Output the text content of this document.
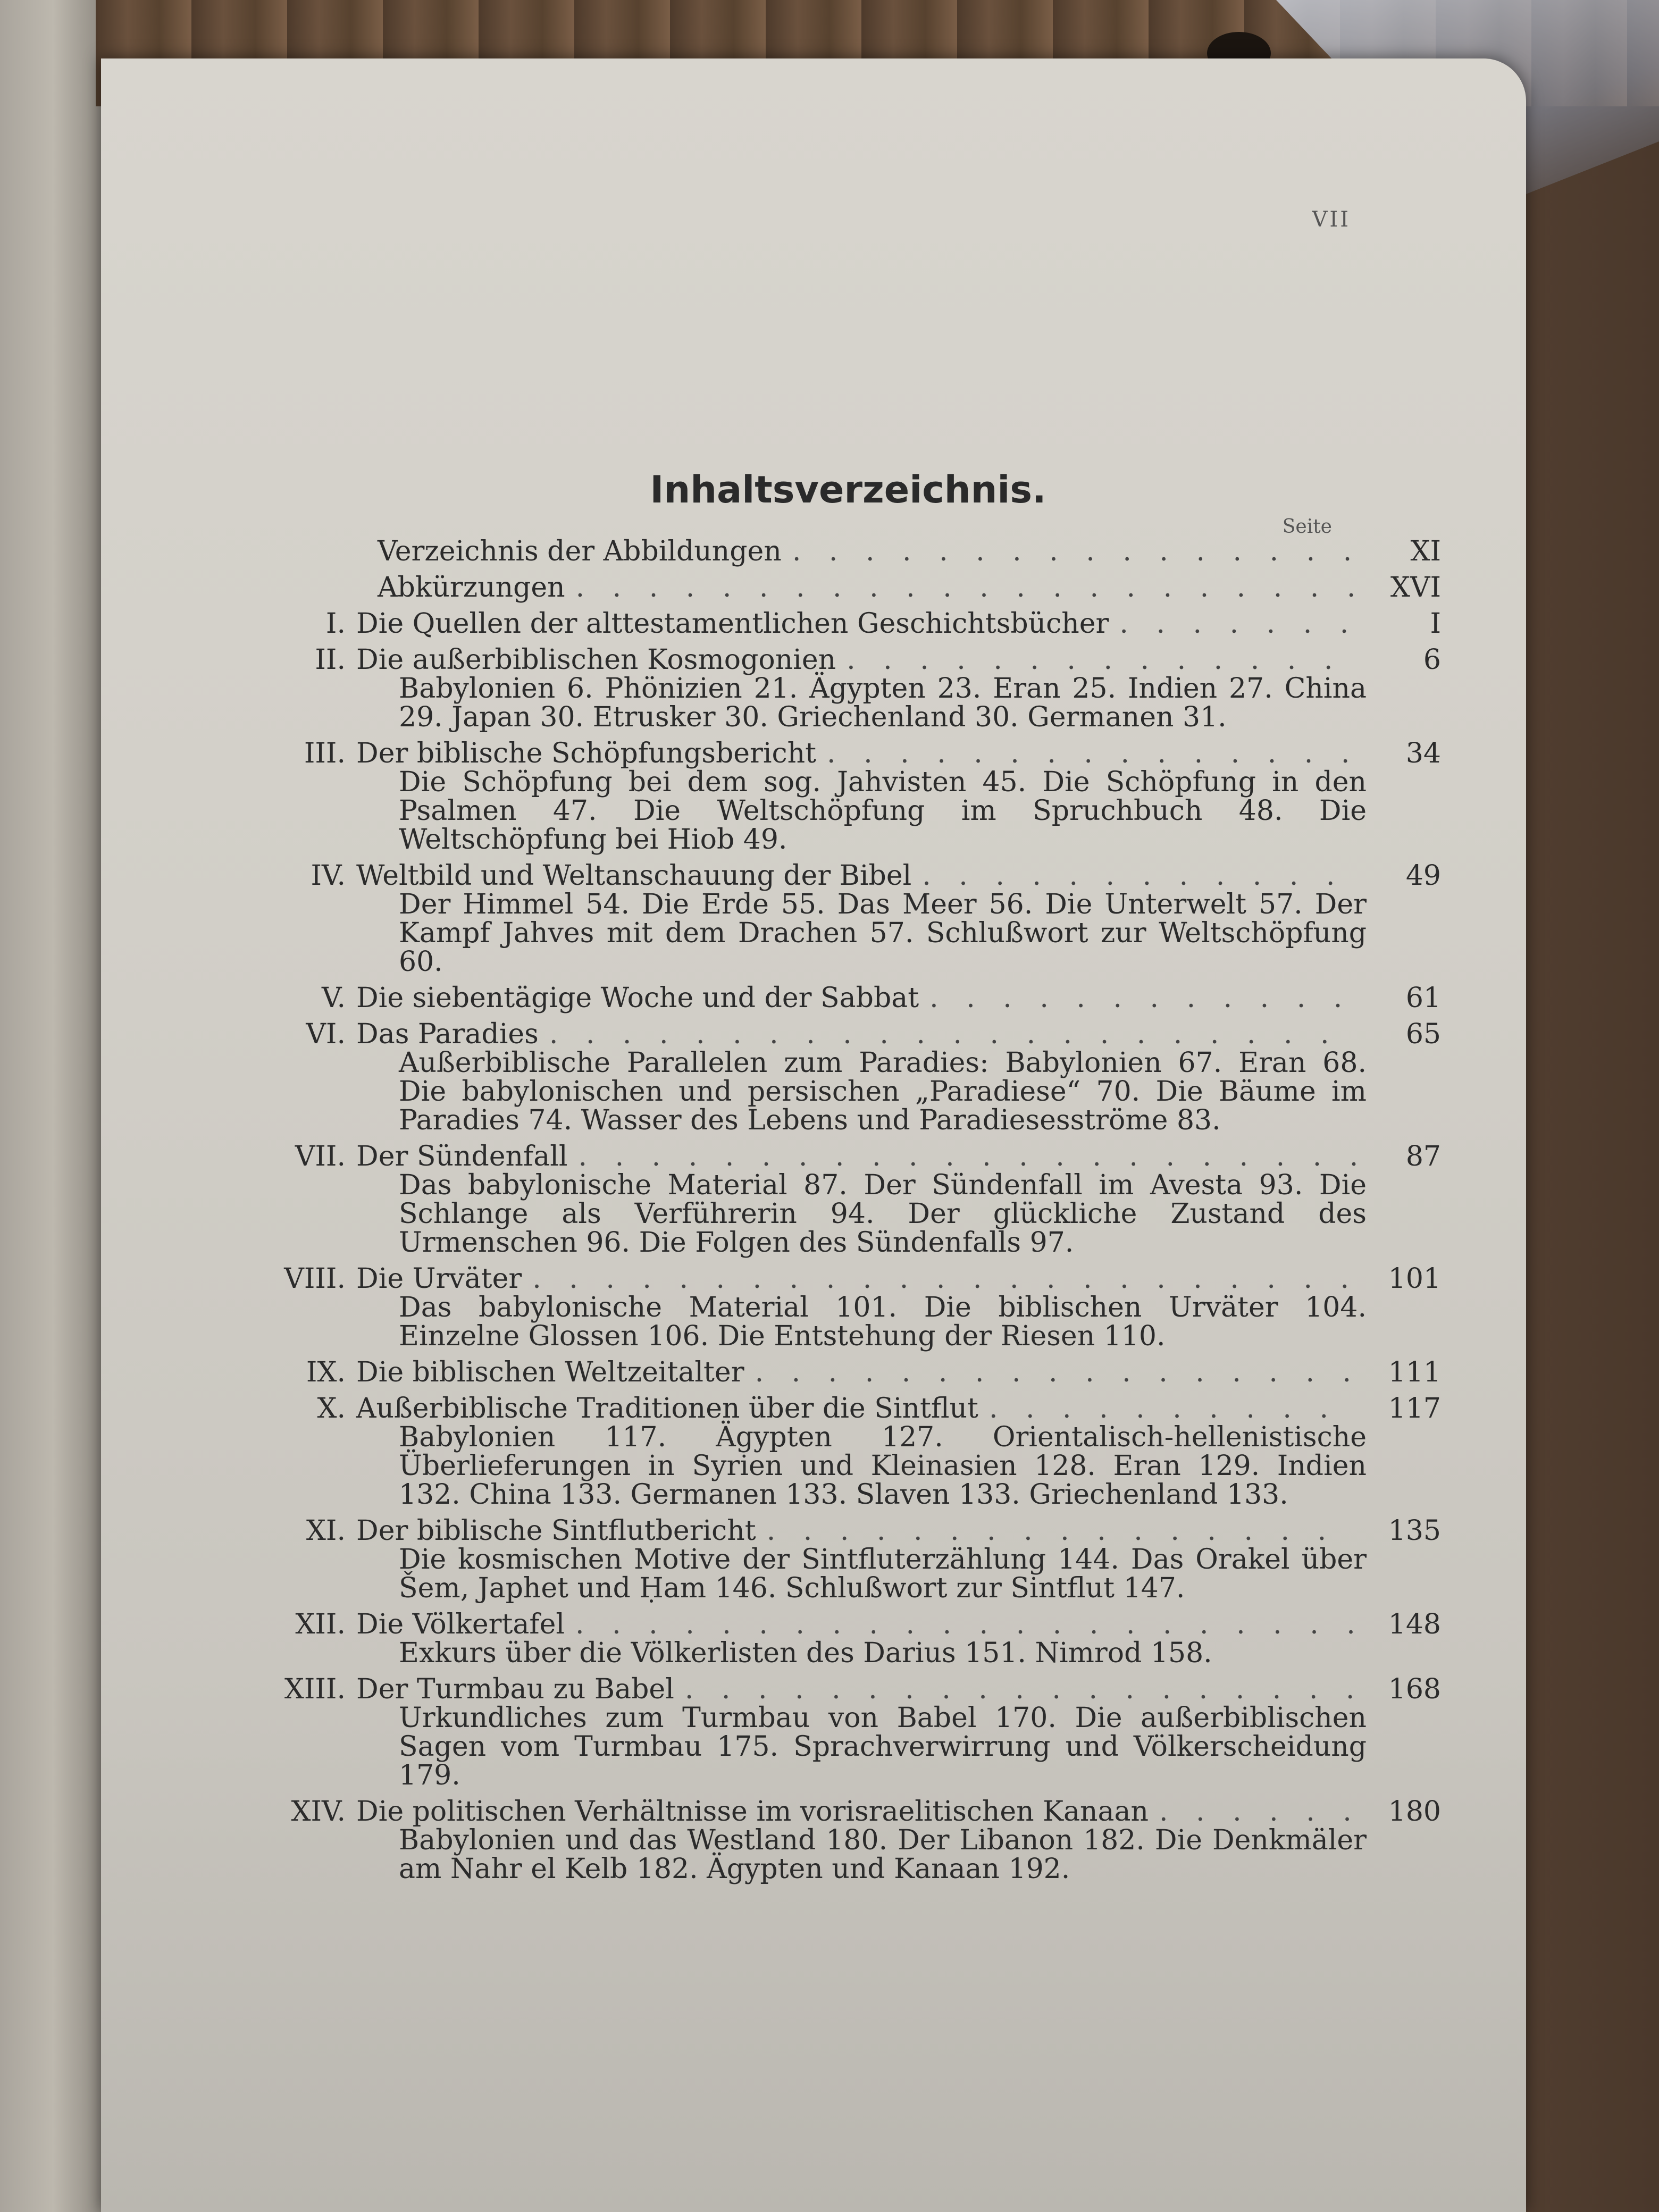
VII
Inhaltsverzeichnis.
Seite
Verzeichnis der Abbildungen . . .	XI
Abkürzungen . . .	XVI
I. Die Quellen der alttestamentlichen Geschichtsbücher . . .	I
II. Die außerbiblischen Kosmogonien . . .	6
Babylonien 6. Phönizien 21. Ägypten 23. Eran 25. Indien 27. China 29. Japan 30. Etrusker 30. Griechenland 30. Germanen 31.
III. Der biblische Schöpfungsbericht . . .	34
Die Schöpfung bei dem sog. Jahvisten 45. Die Schöpfung in den Psalmen 47. Die Weltschöpfung im Spruchbuch 48. Die Weltschöpfung bei Hiob 49.
IV. Weltbild und Weltanschauung der Bibel . . .	49
Der Himmel 54. Die Erde 55. Das Meer 56. Die Unterwelt 57. Der Kampf Jahves mit dem Drachen 57. Schlußwort zur Weltschöpfung 60.
V. Die siebentägige Woche und der Sabbat . . .	61
VI. Das Paradies . . .	65
Außerbiblische Parallelen zum Paradies: Babylonien 67. Eran 68. Die babylonischen und persischen „Paradiese“ 70. Die Bäume im Paradies 74. Wasser des Lebens und Paradiesesströme 83.
VII. Der Sündenfall . . .	87
Das babylonische Material 87. Der Sündenfall im Avesta 93. Die Schlange als Verführerin 94. Der glückliche Zustand des Urmenschen 96. Die Folgen des Sündenfalls 97.
VIII. Die Urväter . . .	101
Das babylonische Material 101. Die biblischen Urväter 104. Einzelne Glossen 106. Die Entstehung der Riesen 110.
IX. Die biblischen Weltzeitalter . . .	111
X. Außerbiblische Traditionen über die Sintflut . . .	117
Babylonien 117. Ägypten 127. Orientalisch-hellenistische Überlieferungen in Syrien und Kleinasien 128. Eran 129. Indien 132. China 133. Germanen 133. Slaven 133. Griechenland 133.
XI. Der biblische Sintflutbericht . . .	135
Die kosmischen Motive der Sintfluterzählung 144. Das Orakel über Šem, Japhet und Ḥam 146. Schlußwort zur Sintflut 147.
XII. Die Völkertafel . . .	148
Exkurs über die Völkerlisten des Darius 151. Nimrod 158.
XIII. Der Turmbau zu Babel . . .	168
Urkundliches zum Turmbau von Babel 170. Die außerbiblischen Sagen vom Turmbau 175. Sprachverwirrung und Völkerscheidung 179.
XIV. Die politischen Verhältnisse im vorisraelitischen Kanaan . . .	180
Babylonien und das Westland 180. Der Libanon 182. Die Denkmäler am Nahr el Kelb 182. Ägypten und Kanaan 192.
